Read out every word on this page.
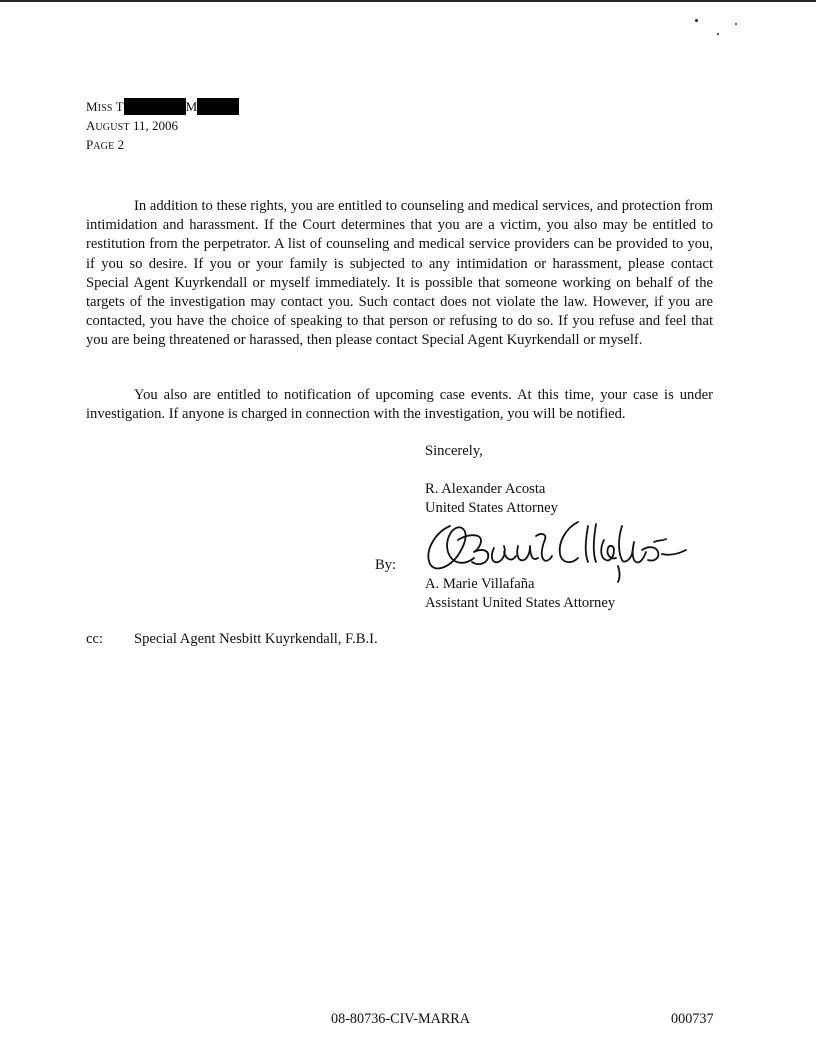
MISS T	M
AUGUST 11, 2006
PAGE 2

In addition to these rights, you are entitled to counseling and medical services, and protection from intimidation and harassment. If the Court determines that you are a victim, you also may be entitled to restitution from the perpetrator. A list of counseling and medical service providers can be provided to you, if you so desire. If you or your family is subjected to any intimidation or harassment, please contact Special Agent Kuyrkendall or myself immediately. It is possible that someone working on behalf of the targets of the investigation may contact you. Such contact does not violate the law. However, if you are contacted, you have the choice of speaking to that person or refusing to do so. If you refuse and feel that you are being threatened or harassed, then please contact Special Agent Kuyrkendall or myself.

You also are entitled to notification of upcoming case events. At this time, your case is under investigation. If anyone is charged in connection with the investigation, you will be notified.

Sincerely,
R. Alexander Acosta
United States Attorney
By:
A. Marie Villafaña
Assistant United States Attorney
cc: Special Agent Nesbitt Kuyrkendall, F.B.I.
08-80736-CIV-MARRA	000737
